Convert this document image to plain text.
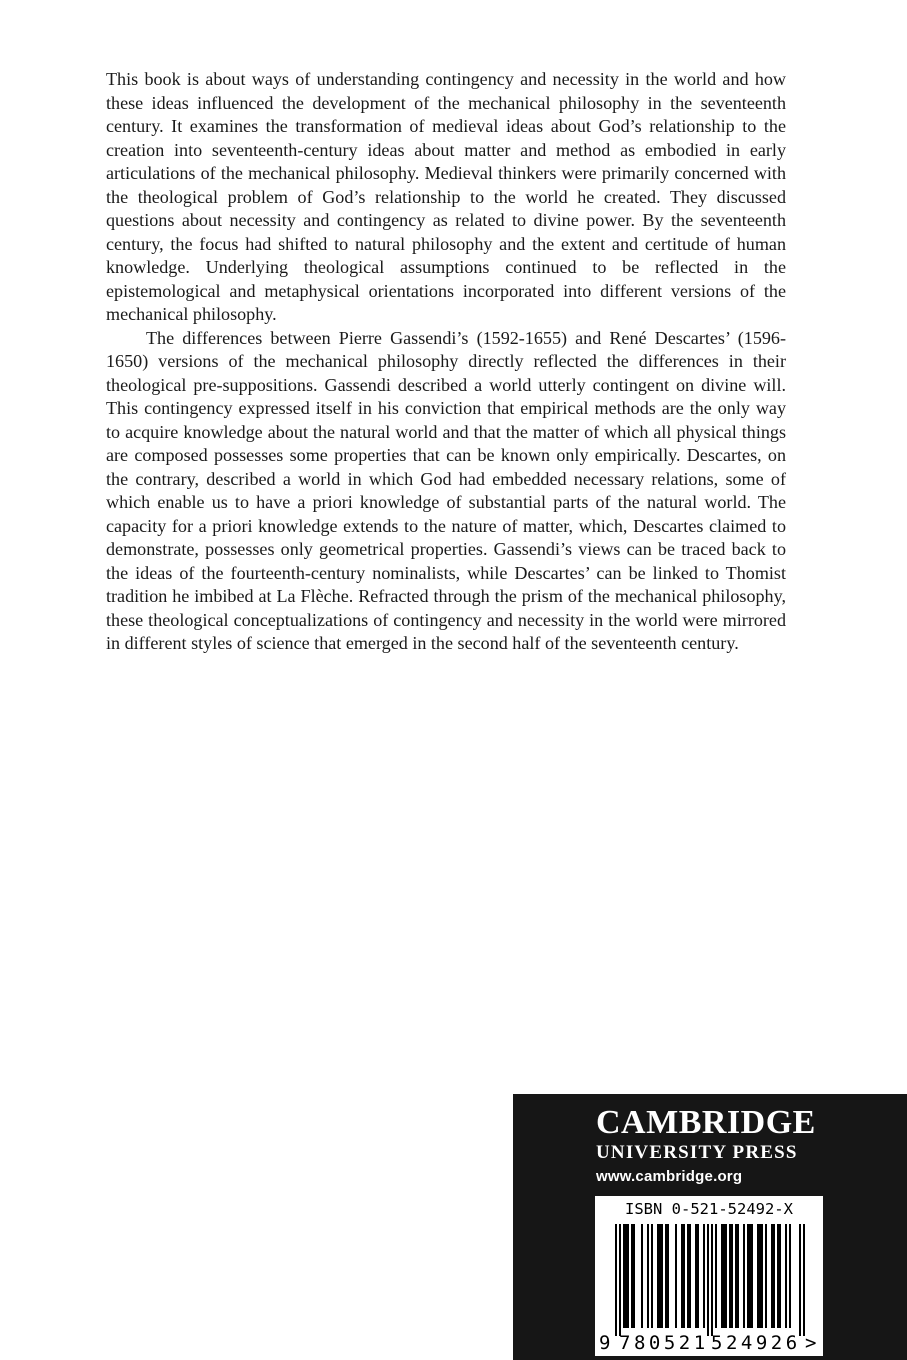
This book is about ways of understanding contingency and necessity in the world and how these ideas influenced the development of the mechanical philosophy in the seventeenth century. It examines the transformation of medieval ideas about God’s relationship to the creation into seventeenth-century ideas about matter and method as embodied in early articulations of the mechanical philosophy. Medieval thinkers were primarily concerned with the theological problem of God’s relationship to the world he created. They discussed questions about necessity and contingency as related to divine power. By the seventeenth century, the focus had shifted to natural philosophy and the extent and certitude of human knowledge. Underlying theological assumptions continued to be reflected in the epistemological and metaphysical orientations incorporated into different versions of the mechanical philosophy.

The differences between Pierre Gassendi’s (1592-1655) and René Descartes’ (1596-1650) versions of the mechanical philosophy directly reflected the differences in their theological pre-suppositions. Gassendi described a world utterly contingent on divine will. This contingency expressed itself in his conviction that empirical methods are the only way to acquire knowledge about the natural world and that the matter of which all physical things are composed possesses some properties that can be known only empirically. Descartes, on the contrary, described a world in which God had embedded necessary relations, some of which enable us to have a priori knowledge of substantial parts of the natural world. The capacity for a priori knowledge extends to the nature of matter, which, Descartes claimed to demonstrate, possesses only geometrical properties. Gassendi’s views can be traced back to the ideas of the fourteenth-century nominalists, while Descartes’ can be linked to Thomist tradition he imbibed at La Flèche. Refracted through the prism of the mechanical philosophy, these theological conceptualizations of contingency and necessity in the world were mirrored in different styles of science that emerged in the second half of the seventeenth century.

CAMBRIDGE
UNIVERSITY PRESS
www.cambridge.org
ISBN 0-521-52492-X
9 780521 524926 >
